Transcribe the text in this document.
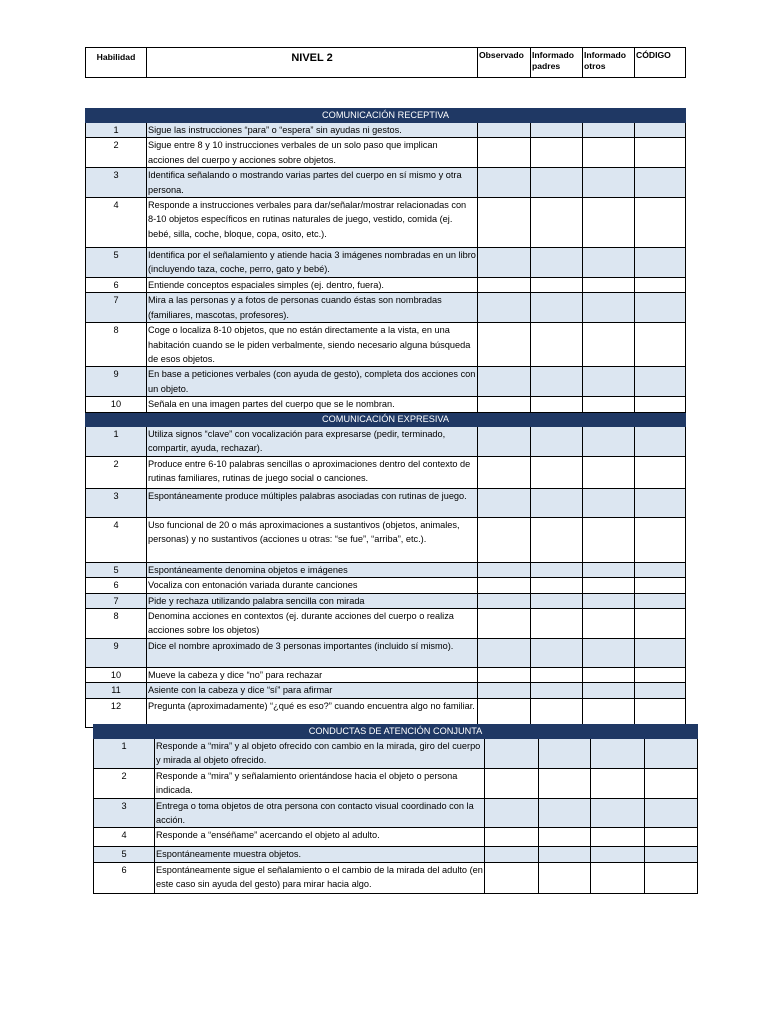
Habilidad	NIVEL 2	Observado	Informado padres	Informado otros	CÓDIGO
COMUNICACIÓN RECEPTIVA					
1	Sigue las instrucciones “para” o “espera” sin ayudas ni gestos.				
2	Sigue entre 8 y 10 instrucciones verbales de un solo paso que implican acciones del cuerpo y acciones sobre objetos.				
3	Identifica señalando o mostrando varias partes del cuerpo en sí mismo y otra persona.				
4	Responde a instrucciones verbales para dar/señalar/mostrar relacionadas con 8-10 objetos específicos en rutinas naturales de juego, vestido, comida (ej. bebé, silla, coche, bloque, copa, osito, etc.).				
5	Identifica por el señalamiento y atiende hacia 3 imágenes nombradas en un libro (incluyendo taza, coche, perro, gato y bebé).				
6	Entiende conceptos espaciales simples (ej. dentro, fuera).				
7	Mira a las personas y a fotos de personas cuando éstas son nombradas (familiares, mascotas, profesores).				
8	Coge o localiza 8-10 objetos, que no están directamente a la vista, en una habitación cuando se le piden verbalmente, siendo necesario alguna búsqueda de esos objetos.				
9	En base a peticiones verbales (con ayuda de gesto), completa dos acciones con un objeto.				
10	Señala en una imagen partes del cuerpo que se le nombran.				
COMUNICACIÓN EXPRESIVA					
1	Utiliza signos “clave” con vocalización para expresarse (pedir, terminado, compartir, ayuda, rechazar).				
2	Produce entre 6-10 palabras sencillas o aproximaciones dentro del contexto de rutinas familiares, rutinas de juego social o canciones.				
3	Espontáneamente produce múltiples palabras asociadas con rutinas de juego.				
4	Uso funcional de 20 o más aproximaciones a sustantivos (objetos, animales, personas) y no sustantivos (acciones u otras: “se fue”, “arriba”, etc.).				
5	Espontáneamente denomina objetos e imágenes				
6	Vocaliza con entonación variada durante canciones				
7	Pide y rechaza utilizando palabra sencilla con mirada				
8	Denomina acciones en contextos (ej. durante acciones del cuerpo o realiza acciones sobre los objetos)				
9	Dice el nombre aproximado de 3 personas importantes (incluido sí mismo).				
10	Mueve la cabeza y dice “no” para rechazar				
11	Asiente con la cabeza y dice “sí” para afirmar				
12	Pregunta (aproximadamente) “¿qué es eso?” cuando encuentra algo no familiar.				
CONDUCTAS DE ATENCIÓN CONJUNTA					
1	Responde a “mira” y al objeto ofrecido con cambio en la mirada, giro del cuerpo y mirada al objeto ofrecido.				
2	Responde a “mira” y señalamiento orientándose hacia el objeto o persona indicada.				
3	Entrega o toma objetos de otra persona con contacto visual coordinado con la acción.				
4	Responde a “enséñame” acercando el objeto al adulto.				
5	Espontáneamente muestra objetos.				
6	Espontáneamente sigue el señalamiento o el cambio de la mirada del adulto (en este caso sin ayuda del gesto) para mirar hacia algo.				
